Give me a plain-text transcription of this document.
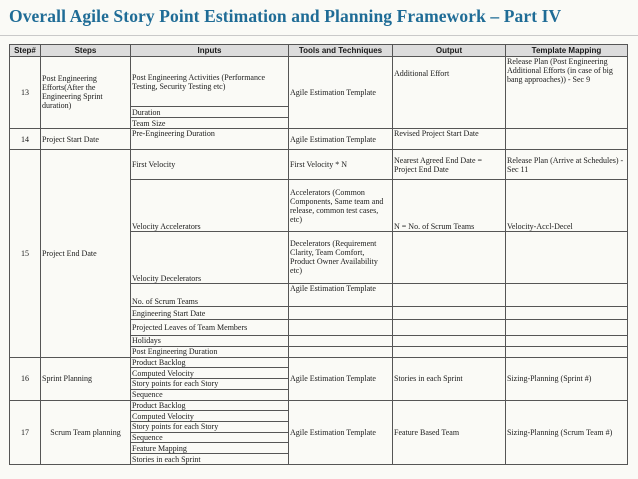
Overall Agile Story Point Estimation and Planning Framework – Part IV
Step#	Steps	Inputs	Tools and Techniques	Output	Template Mapping
13	Post Engineering Efforts(After the Engineering Sprint duration)	Post Engineering Activities (Performance Testing, Security Testing etc)	Agile Estimation Template	Additional Effort	Release Plan (Post Engineering Additional Efforts (in case of big bang approaches)) - Sec 9
		Duration			
		Team Size			
14	Project Start Date	Pre-Engineering Duration	Agile Estimation Template	Revised Project Start Date	
15	Project End Date	First Velocity	First Velocity * N	Nearest Agreed End Date = Project End Date	Release Plan (Arrive at Schedules) - Sec 11
		Velocity Accelerators	Accelerators (Common Components, Same team and release, common test cases, etc)	N = No. of Scrum Teams	Velocity-Accl-Decel
		Velocity Decelerators	Decelerators (Requirement Clarity, Team Comfort, Product Owner Availability etc)		
		No. of Scrum Teams	Agile Estimation Template		
		Engineering Start Date			
		Projected Leaves of Team Members			
		Holidays			
		Post Engineering Duration			
16	Sprint Planning	Product Backlog	Agile Estimation Template	Stories in each Sprint	Sizing-Planning (Sprint #)
		Computed Velocity			
		Story points for each Story			
		Sequence			
17	Scrum Team planning	Product Backlog	Agile Estimation Template	Feature Based Team	Sizing-Planning (Scrum Team #)
		Computed Velocity			
		Story points for each Story			
		Sequence			
		Feature Mapping			
		Stories in each Sprint			
